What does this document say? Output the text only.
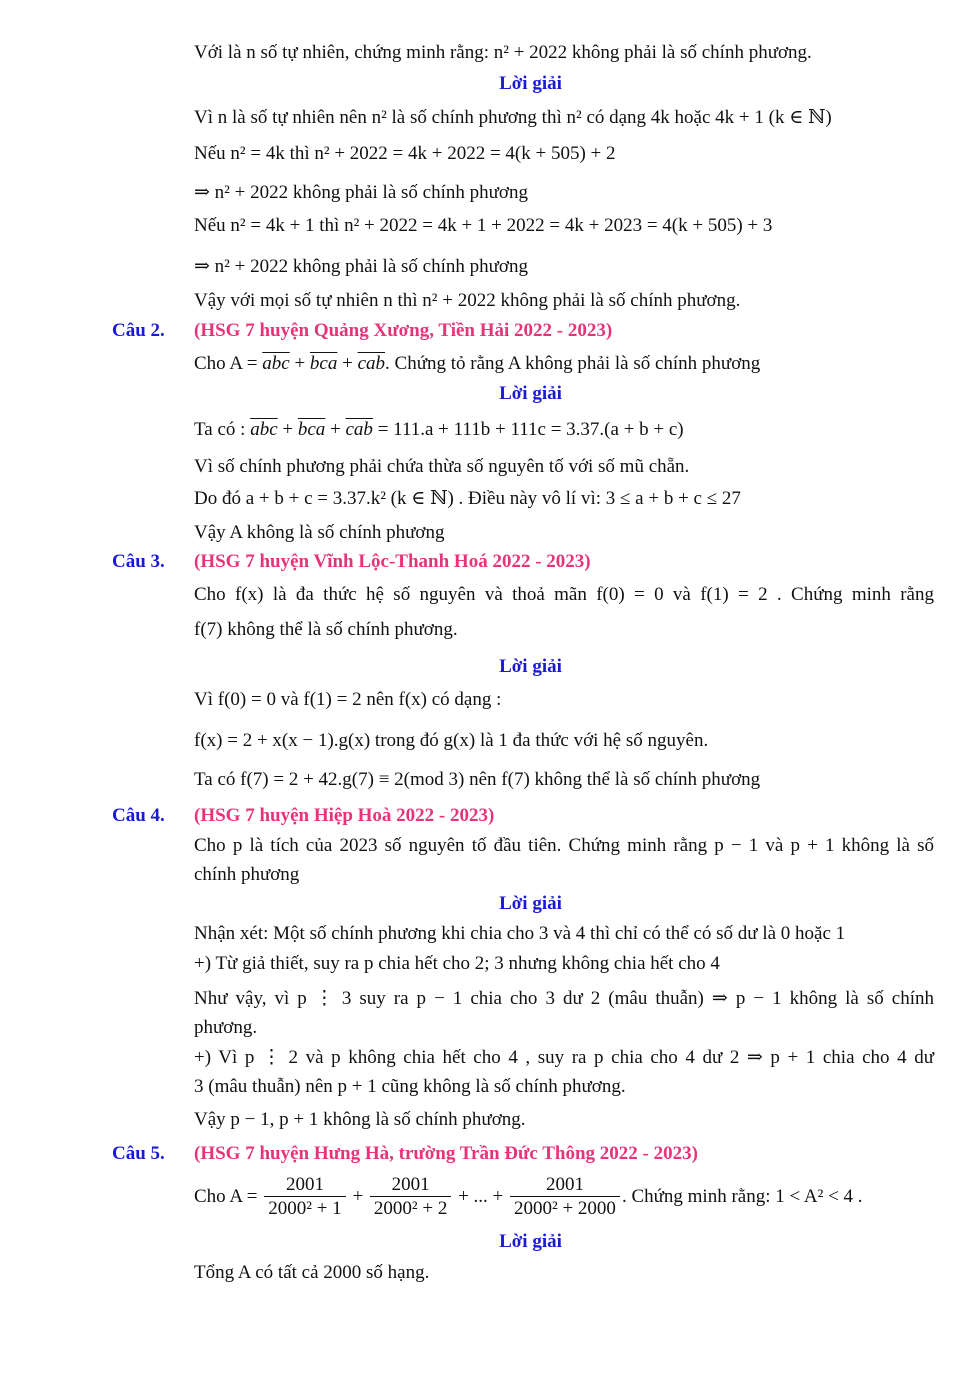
Với là n số tự nhiên, chứng minh rằng: n² + 2022 không phải là số chính phương.
Lời giải
Vì n là số tự nhiên nên n² là số chính phương thì n² có dạng 4k hoặc 4k + 1 (k ∈ ℕ)
Nếu n² = 4k thì n² + 2022 = 4k + 2022 = 4(k + 505) + 2
⇒ n² + 2022 không phải là số chính phương
Nếu n² = 4k + 1 thì n² + 2022 = 4k + 1 + 2022 = 4k + 2023 = 4(k + 505) + 3
⇒ n² + 2022 không phải là số chính phương
Vậy với mọi số tự nhiên n thì n² + 2022 không phải là số chính phương.
Câu 2. (HSG 7 huyện Quảng Xương, Tiền Hải 2022 - 2023)
Cho $A = \overline{abc} + \overline{bca} + \overline{cab}$. Chứng tỏ rằng A không phải là số chính phương
Lời giải
Ta có : $\overline{abc} + \overline{bca} + \overline{cab} = 111.a + 111b + 111c = 3.37.(a + b + c)$
Vì số chính phương phải chứa thừa số nguyên tố với số mũ chẵn.
Do đó a + b + c = 3.37.k² (k ∈ ℕ) . Điều này vô lí vì: 3 ≤ a + b + c ≤ 27
Vậy A không là số chính phương
Câu 3. (HSG 7 huyện Vĩnh Lộc-Thanh Hoá 2022 - 2023)
Cho f(x) là đa thức hệ số nguyên và thoả mãn f(0) = 0 và f(1) = 2 . Chứng minh rằng
f(7) không thể là số chính phương.
Lời giải
Vì f(0) = 0 và f(1) = 2 nên f(x) có dạng :
f(x) = 2 + x(x − 1).g(x) trong đó g(x) là 1 đa thức với hệ số nguyên.
Ta có f(7) = 2 + 42.g(7) ≡ 2(mod 3) nên f(7) không thể là số chính phương
Câu 4. (HSG 7 huyện Hiệp Hoà 2022 - 2023)
Cho p là tích của 2023 số nguyên tố đầu tiên. Chứng minh rằng p − 1 và p + 1 không là số
chính phương
Lời giải
Nhận xét: Một số chính phương khi chia cho 3 và 4 thì chỉ có thể có số dư là 0 hoặc 1
+) Từ giả thiết, suy ra p chia hết cho 2; 3 nhưng không chia hết cho 4
Như vậy, vì p ⋮ 3 suy ra p − 1 chia cho 3 dư 2 (mâu thuẫn) ⇒ p − 1 không là số chính
phương.
+) Vì p ⋮ 2 và p không chia hết cho 4 , suy ra p chia cho 4 dư 2 ⇒ p + 1 chia cho 4 dư
3 (mâu thuẫn) nên p + 1 cũng không là số chính phương.
Vậy p − 1, p + 1 không là số chính phương.
Câu 5. (HSG 7 huyện Hưng Hà, trường Trần Đức Thông 2022 - 2023)
Cho $A = \frac{2001}{\text{2000² + 1}} + \frac{2001}{\text{2000² + 2}}$ + ... + $\frac{2001}{\text{2000² + 2000}}$ . Chứng minh rằng: 1 < A² < 4 .
Lời giải
Tổng A có tất cả 2000 số hạng.
